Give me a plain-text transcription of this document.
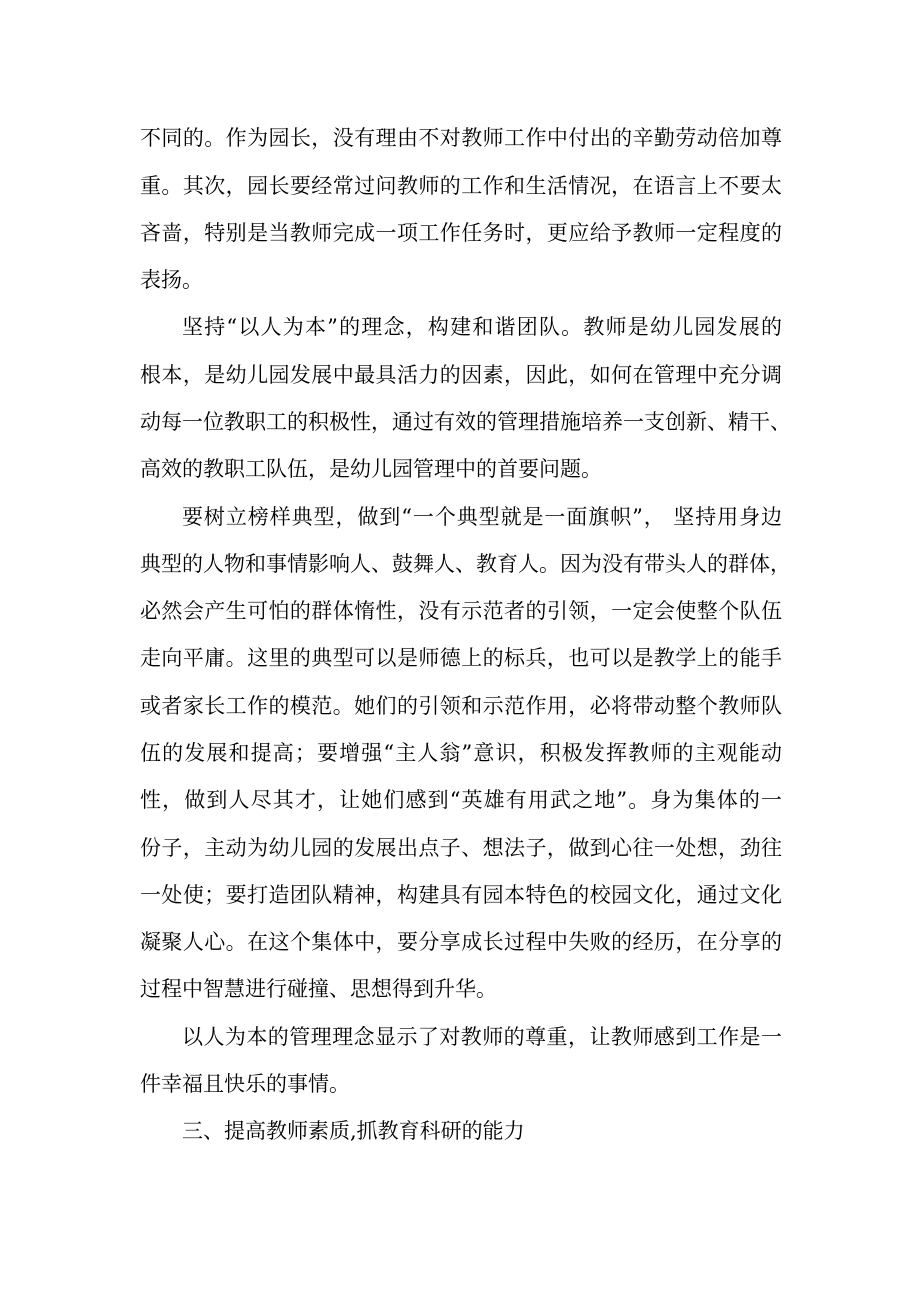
不同的。作为园长，没有理由不对教师工作中付出的辛勤劳动倍加尊
重。其次，园长要经常过问教师的工作和生活情况，在语言上不要太
吝啬，特别是当教师完成一项工作任务时，更应给予教师一定程度的
表扬。
坚持“以人为本”的理念，构建和谐团队。教师是幼儿园发展的
根本，是幼儿园发展中最具活力的因素，因此，如何在管理中充分调
动每一位教职工的积极性，通过有效的管理措施培养一支创新、精干、
高效的教职工队伍，是幼儿园管理中的首要问题。
要树立榜样典型，做到“一个典型就是一面旗帜”， 坚持用身边
典型的人物和事情影响人、鼓舞人、教育人。因为没有带头人的群体，
必然会产生可怕的群体惰性，没有示范者的引领，一定会使整个队伍
走向平庸。这里的典型可以是师德上的标兵，也可以是教学上的能手
或者家长工作的模范。她们的引领和示范作用，必将带动整个教师队
伍的发展和提高；要增强“主人翁”意识，积极发挥教师的主观能动
性，做到人尽其才，让她们感到“英雄有用武之地”。身为集体的一
份子，主动为幼儿园的发展出点子、想法子，做到心往一处想，劲往
一处使；要打造团队精神，构建具有园本特色的校园文化，通过文化
凝聚人心。在这个集体中，要分享成长过程中失败的经历，在分享的
过程中智慧进行碰撞、思想得到升华。
以人为本的管理理念显示了对教师的尊重，让教师感到工作是一
件幸福且快乐的事情。
三、提高教师素质,抓教育科研的能力
